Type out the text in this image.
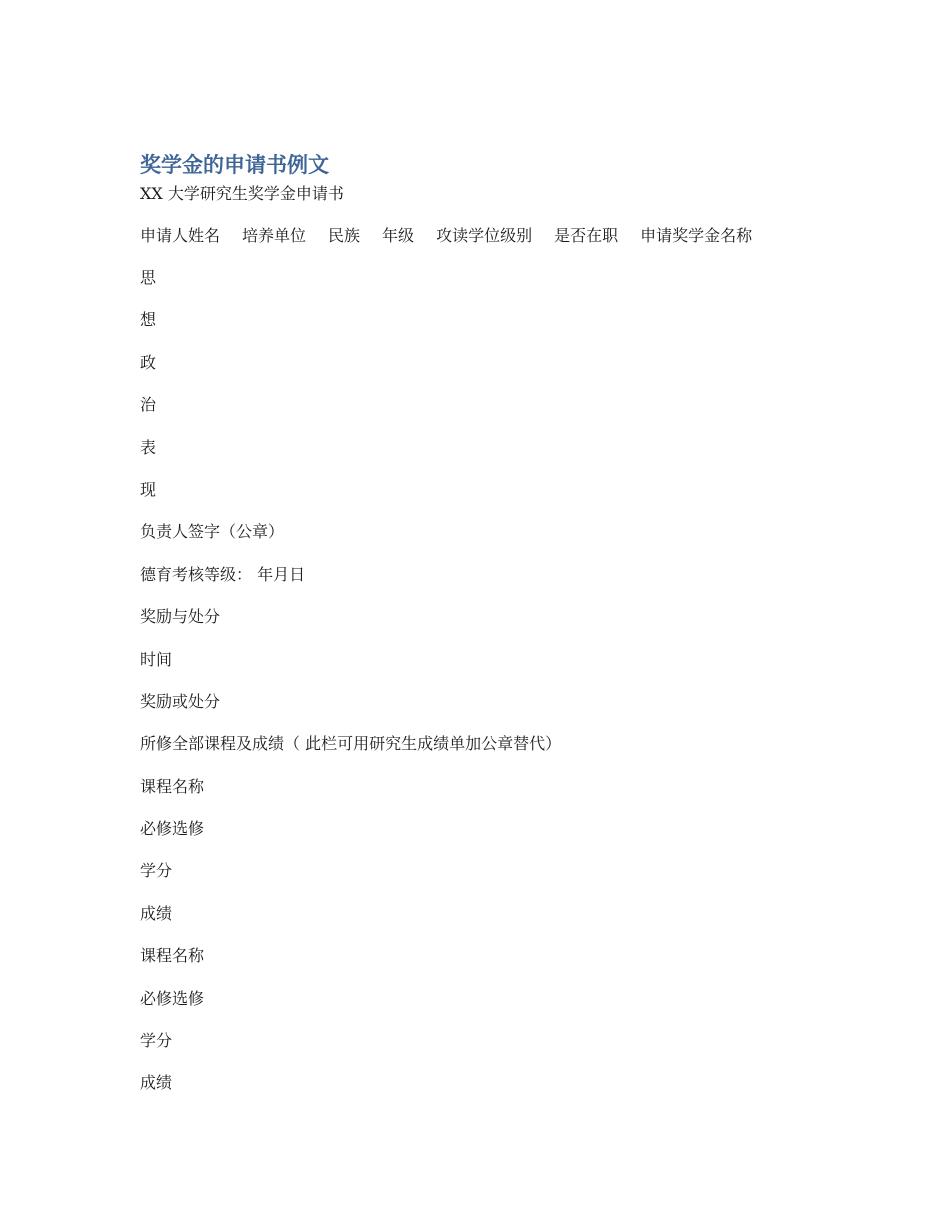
奖学金的申请书例文

XX 大学研究生奖学金申请书

申请人姓名 培养单位 民族 年级 攻读学位级别 是否在职 申请奖学金名称

思

想

政

治

表

现

负责人签字（公章）

德育考核等级： 年月日

奖励与处分

时间

奖励或处分

所修全部课程及成绩（ 此栏可用研究生成绩单加公章替代）

课程名称

必修选修

学分

成绩

课程名称

必修选修

学分

成绩
